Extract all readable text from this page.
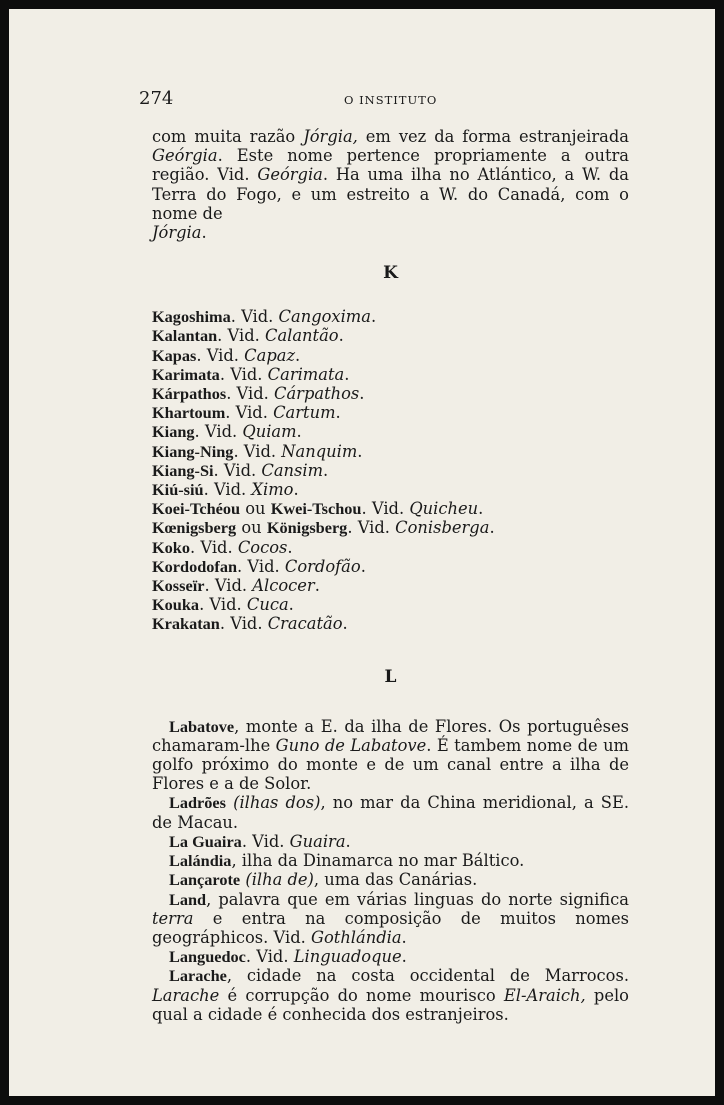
274	O INSTITUTO

com muita razão Jórgia, em vez da forma estranjeirada Geórgia. Este nome pertence propriamente a outra região. Vid. Geórgia. Ha uma ilha no Atlántico, a W. da Terra do Fogo, e um estreito a W. do Canadá, com o nome de
Jórgia.

K

Kagoshima. Vid. Cangoxima.

Kalantan. Vid. Calantão.

Kapas. Vid. Capaz.

Karimata. Vid. Carimata.

Kárpathos. Vid. Cárpathos.

Khartoum. Vid. Cartum.

Kiang. Vid. Quiam.

Kiang-Ning. Vid. Nanquim.

Kiang-Si. Vid. Cansim.

Kiú-siú. Vid. Ximo.

Koei-Tchéou ou Kwei-Tschou. Vid. Quicheu.

Kœnigsberg ou Königsberg. Vid. Conisberga.

Koko. Vid. Cocos.

Kordodofan. Vid. Cordofão.

Kosseïr. Vid. Alcocer.

Kouka. Vid. Cuca.

Krakatan. Vid. Cracatão.

L

Labatove, monte a E. da ilha de Flores. Os portuguêses chamaram-lhe Guno de Labatove. É tambem nome de um golfo próximo do monte e de um canal entre a ilha de Flores e a de Solor.

Ladrões (ilhas dos), no mar da China meridional, a SE. de Macau.

La Guaira. Vid. Guaira.

Lalándia, ilha da Dinamarca no mar Báltico.

Lançarote (ilha de), uma das Canárias.

Land, palavra que em várias linguas do norte significa terra e entra na composição de muitos nomes geográphicos. Vid. Gothlándia.

Languedoc. Vid. Linguadoque.

Larache, cidade na costa occidental de Marrocos. Larache é corrupção do nome mourisco El-Araich, pelo qual a cidade é conhecida dos estranjeiros.
